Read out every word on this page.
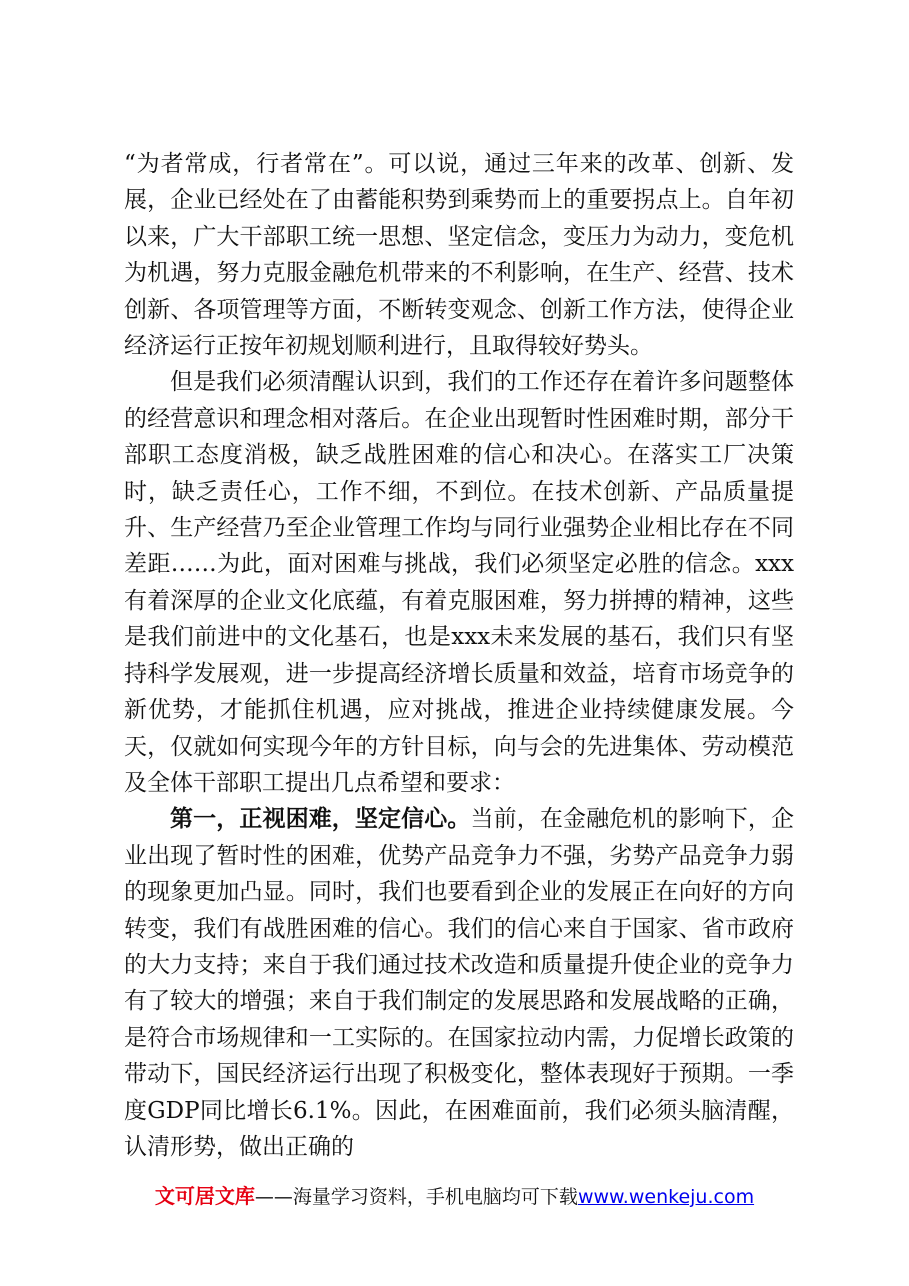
“为者常成，行者常在”。可以说，通过三年来的改革、创新、发展，企业已经处在了由蓄能积势到乘势而上的重要拐点上。自年初以来，广大干部职工统一思想、坚定信念，变压力为动力，变危机为机遇，努力克服金融危机带来的不利影响，在生产、经营、技术创新、各项管理等方面，不断转变观念、创新工作方法，使得企业经济运行正按年初规划顺利进行，且取得较好势头。

但是我们必须清醒认识到，我们的工作还存在着许多问题整体的经营意识和理念相对落后。在企业出现暂时性困难时期，部分干部职工态度消极，缺乏战胜困难的信心和决心。在落实工厂决策时，缺乏责任心，工作不细，不到位。在技术创新、产品质量提升、生产经营乃至企业管理工作均与同行业强势企业相比存在不同差距……为此，面对困难与挑战，我们必须坚定必胜的信念。xxx有着深厚的企业文化底蕴，有着克服困难，努力拼搏的精神，这些是我们前进中的文化基石，也是xxx未来发展的基石，我们只有坚持科学发展观，进一步提高经济增长质量和效益，培育市场竞争的新优势，才能抓住机遇，应对挑战，推进企业持续健康发展。今天，仅就如何实现今年的方针目标，向与会的先进集体、劳动模范及全体干部职工提出几点希望和要求：

第一，正视困难，坚定信心。当前，在金融危机的影响下，企业出现了暂时性的困难，优势产品竞争力不强，劣势产品竞争力弱的现象更加凸显。同时，我们也要看到企业的发展正在向好的方向转变，我们有战胜困难的信心。我们的信心来自于国家、省市政府的大力支持；来自于我们通过技术改造和质量提升使企业的竞争力有了较大的增强；来自于我们制定的发展思路和发展战略的正确，是符合市场规律和一工实际的。在国家拉动内需，力促增长政策的带动下，国民经济运行出现了积极变化，整体表现好于预期。一季度GDP同比增长6.1%。因此，在困难面前，我们必须头脑清醒，认清形势，做出正确的

文可居文库——海量学习资料，手机电脑均可下载www.wenkeju.com
